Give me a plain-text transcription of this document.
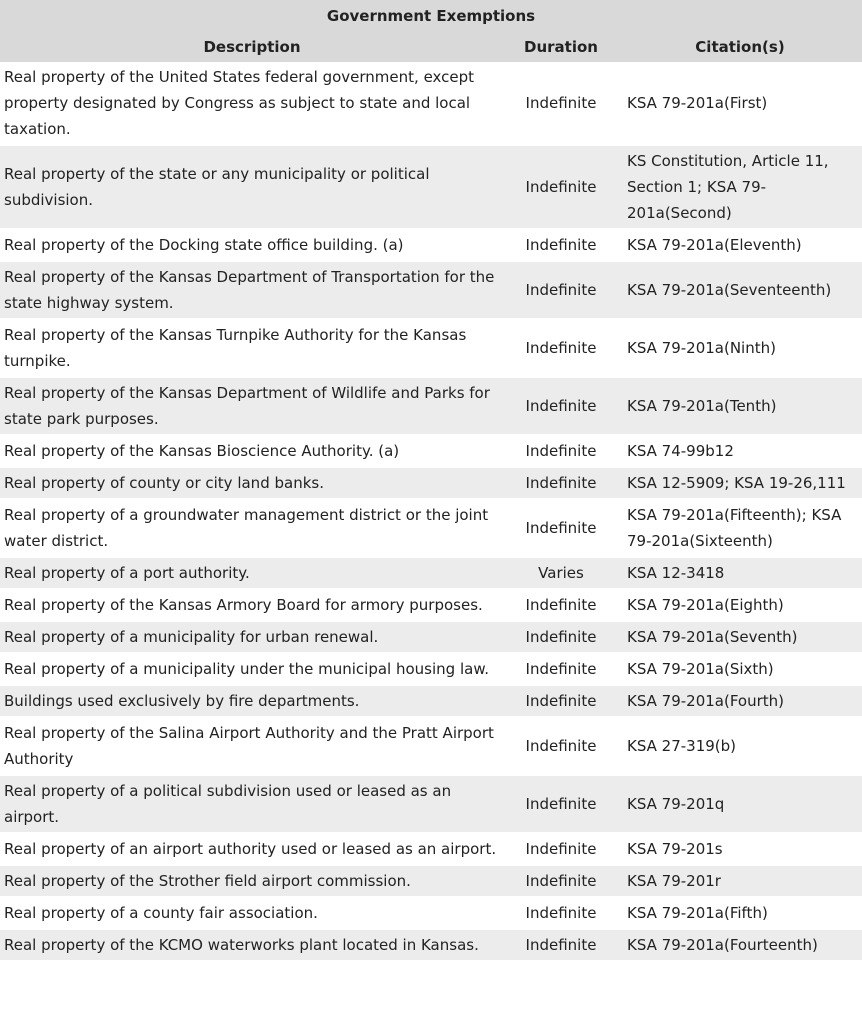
Government Exemptions		
Description	Duration	Citation(s)
Real property of the United States federal government, except property designated by Congress as subject to state and local taxation.	Indefinite	KSA 79-201a(First)
Real property of the state or any municipality or political subdivision.	Indefinite	KS Constitution, Article 11, Section 1; KSA 79-201a(Second)
Real property of the Docking state office building. (a)	Indefinite	KSA 79-201a(Eleventh)
Real property of the Kansas Department of Transportation for the state highway system.	Indefinite	KSA 79-201a(Seventeenth)
Real property of the Kansas Turnpike Authority for the Kansas turnpike.	Indefinite	KSA 79-201a(Ninth)
Real property of the Kansas Department of Wildlife and Parks for state park purposes.	Indefinite	KSA 79-201a(Tenth)
Real property of the Kansas Bioscience Authority. (a)	Indefinite	KSA 74-99b12
Real property of county or city land banks.	Indefinite	KSA 12-5909; KSA 19-26,111
Real property of a groundwater management district or the joint water district.	Indefinite	KSA 79-201a(Fifteenth); KSA 79-201a(Sixteenth)
Real property of a port authority.	Varies	KSA 12-3418
Real property of the Kansas Armory Board for armory purposes.	Indefinite	KSA 79-201a(Eighth)
Real property of a municipality for urban renewal.	Indefinite	KSA 79-201a(Seventh)
Real property of a municipality under the municipal housing law.	Indefinite	KSA 79-201a(Sixth)
Buildings used exclusively by fire departments.	Indefinite	KSA 79-201a(Fourth)
Real property of the Salina Airport Authority and the Pratt Airport Authority	Indefinite	KSA 27-319(b)
Real property of a political subdivision used or leased as an airport.	Indefinite	KSA 79-201q
Real property of an airport authority used or leased as an airport.	Indefinite	KSA 79-201s
Real property of the Strother field airport commission.	Indefinite	KSA 79-201r
Real property of a county fair association.	Indefinite	KSA 79-201a(Fifth)
Real property of the KCMO waterworks plant located in Kansas.	Indefinite	KSA 79-201a(Fourteenth)
